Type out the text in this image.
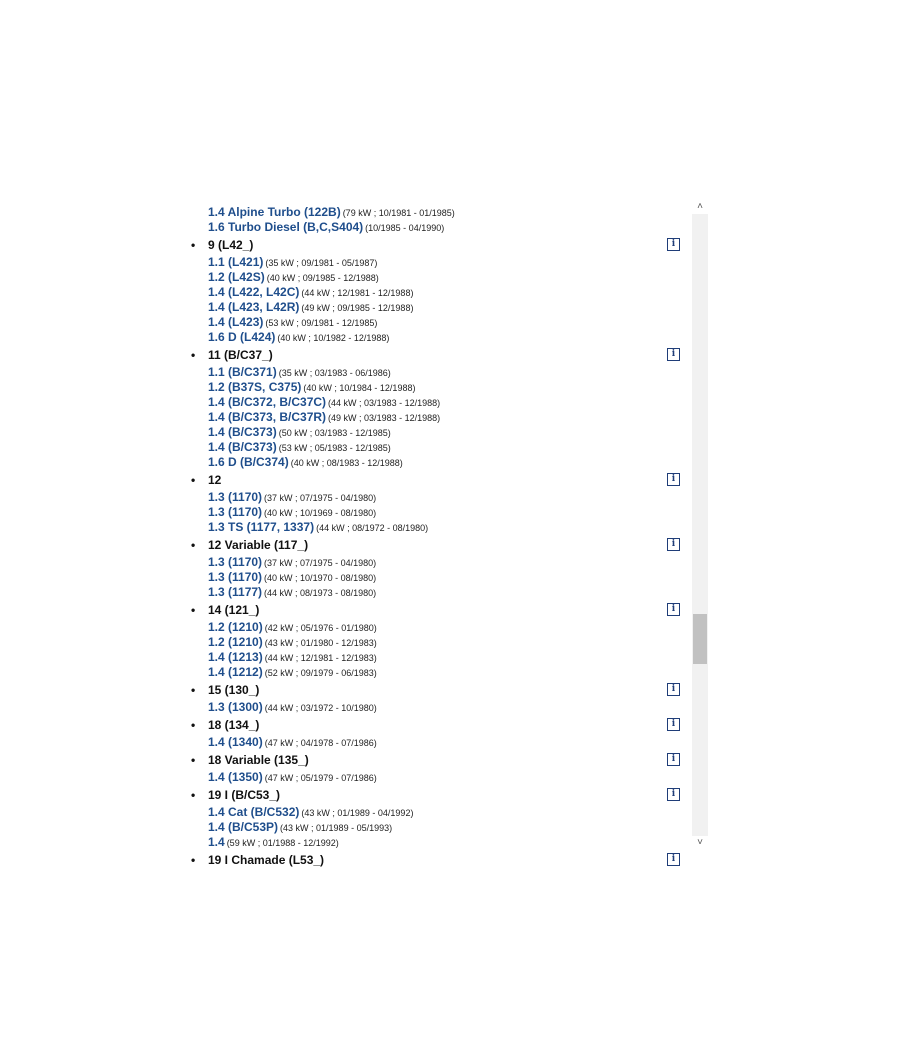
1.4 Alpine Turbo (122B) (79 kW ; 10/1981 - 01/1985)
1.6 Turbo Diesel (B,C,S404) (10/1985 - 04/1990)
• 9 (L42_)	i
1.1 (L421) (35 kW ; 09/1981 - 05/1987)
1.2 (L42S) (40 kW ; 09/1985 - 12/1988)
1.4 (L422, L42C) (44 kW ; 12/1981 - 12/1988)
1.4 (L423, L42R) (49 kW ; 09/1985 - 12/1988)
1.4 (L423) (53 kW ; 09/1981 - 12/1985)
1.6 D (L424) (40 kW ; 10/1982 - 12/1988)
• 11 (B/C37_)	i
1.1 (B/C371) (35 kW ; 03/1983 - 06/1986)
1.2 (B37S, C375) (40 kW ; 10/1984 - 12/1988)
1.4 (B/C372, B/C37C) (44 kW ; 03/1983 - 12/1988)
1.4 (B/C373, B/C37R) (49 kW ; 03/1983 - 12/1988)
1.4 (B/C373) (50 kW ; 03/1983 - 12/1985)
1.4 (B/C373) (53 kW ; 05/1983 - 12/1985)
1.6 D (B/C374) (40 kW ; 08/1983 - 12/1988)
• 12	i
1.3 (1170) (37 kW ; 07/1975 - 04/1980)
1.3 (1170) (40 kW ; 10/1969 - 08/1980)
1.3 TS (1177, 1337) (44 kW ; 08/1972 - 08/1980)
• 12 Variable (117_)	i
1.3 (1170) (37 kW ; 07/1975 - 04/1980)
1.3 (1170) (40 kW ; 10/1970 - 08/1980)
1.3 (1177) (44 kW ; 08/1973 - 08/1980)
• 14 (121_)	i
1.2 (1210) (42 kW ; 05/1976 - 01/1980)
1.2 (1210) (43 kW ; 01/1980 - 12/1983)
1.4 (1213) (44 kW ; 12/1981 - 12/1983)
1.4 (1212) (52 kW ; 09/1979 - 06/1983)
• 15 (130_)	i
1.3 (1300) (44 kW ; 03/1972 - 10/1980)
• 18 (134_)	i
1.4 (1340) (47 kW ; 04/1978 - 07/1986)
• 18 Variable (135_)	i
1.4 (1350) (47 kW ; 05/1979 - 07/1986)
• 19 I (B/C53_)	i
1.4 Cat (B/C532) (43 kW ; 01/1989 - 04/1992)
1.4 (B/C53P) (43 kW ; 01/1989 - 05/1993)
1.4 (59 kW ; 01/1988 - 12/1992)
• 19 I Chamade (L53_)	i
˄
˅
